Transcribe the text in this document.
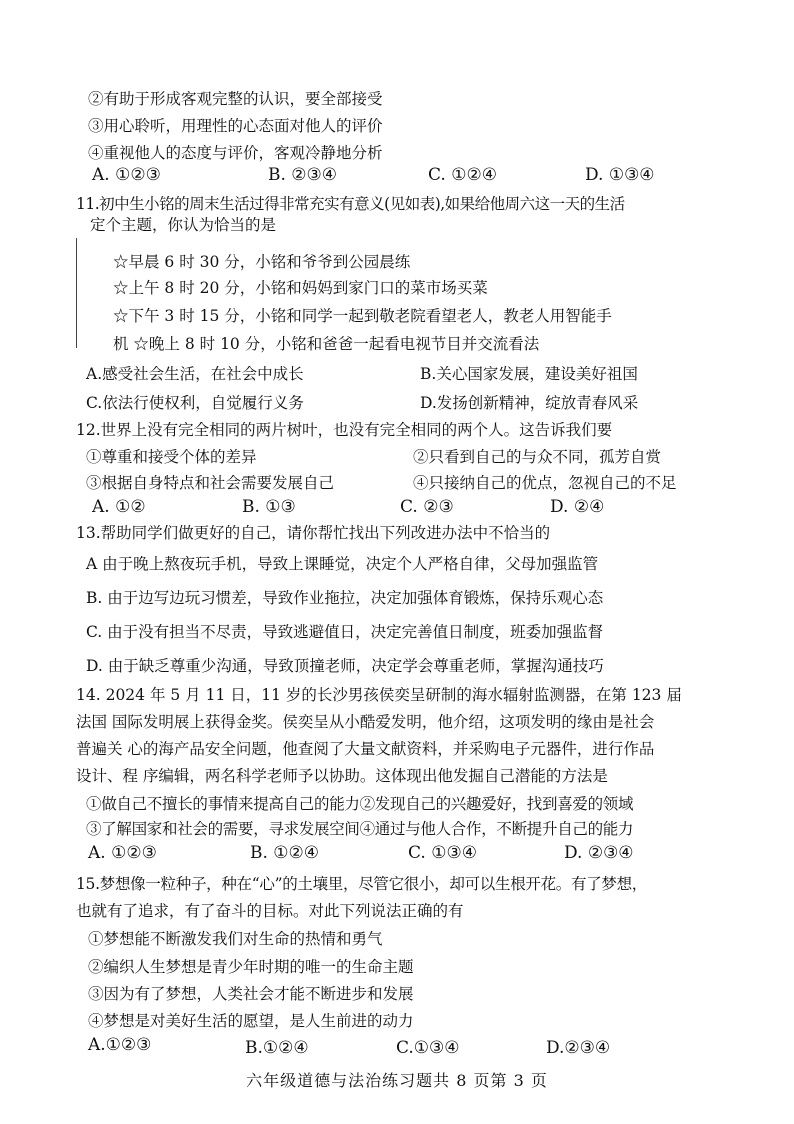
②有助于形成客观完整的认识，要全部接受
③用心聆听，用理性的心态面对他人的评价
④重视他人的态度与评价，客观冷静地分析
A. ①②③	B. ②③④	C. ①②④	D. ①③④
11.初中生小铭的周末生活过得非常充实有意义(见如表),如果给他周六这一天的生活
定个主题，你认为恰当的是
☆早晨 6 时 30 分，小铭和爷爷到公园晨练
☆上午 8 时 20 分，小铭和妈妈到家门口的菜市场买菜
☆下午 3 时 15 分，小铭和同学一起到敬老院看望老人，教老人用智能手
机 ☆晚上 8 时 10 分，小铭和爸爸一起看电视节目并交流看法
A.感受社会生活，在社会中成长	B.关心国家发展，建设美好祖国
C.依法行使权利，自觉履行义务	D.发扬创新精神，绽放青春风采
12.世界上没有完全相同的两片树叶，也没有完全相同的两个人。这告诉我们要
①尊重和接受个体的差异	②只看到自己的与众不同，孤芳自赏
③根据自身特点和社会需要发展自己	④只接纳自己的优点，忽视自己的不足
A. ①②	B. ①③	C. ②③	D. ②④
13.帮助同学们做更好的自己，请你帮忙找出下列改进办法中不恰当的
A 由于晚上熬夜玩手机，导致上课睡觉，决定个人严格自律，父母加强监管
B. 由于边写边玩习惯差，导致作业拖拉，决定加强体育锻炼，保持乐观心态
C. 由于没有担当不尽责，导致逃避值日，决定完善值日制度，班委加强监督
D. 由于缺乏尊重少沟通，导致顶撞老师，决定学会尊重老师，掌握沟通技巧
14. 2024 年 5 月 11 日，11 岁的长沙男孩侯奕呈研制的海水辐射监测器，在第 123 届
法国 国际发明展上获得金奖。侯奕呈从小酷爱发明，他介绍，这项发明的缘由是社会
普遍关 心的海产品安全问题，他查阅了大量文献资料，并采购电子元器件，进行作品
设计、程 序编辑，两名科学老师予以协助。这体现出他发掘自己潜能的方法是
①做自己不擅长的事情来提高自己的能力②发现自己的兴趣爱好，找到喜爱的领域
③了解国家和社会的需要，寻求发展空间④通过与他人合作，不断提升自己的能力
A. ①②③	B. ①②④	C. ①③④	D. ②③④
15.梦想像一粒种子，种在“心”的土壤里，尽管它很小，却可以生根开花。有了梦想，
也就有了追求，有了奋斗的目标。对此下列说法正确的有
①梦想能不断激发我们对生命的热情和勇气
②编织人生梦想是青少年时期的唯一的生命主题
③因为有了梦想，人类社会才能不断进步和发展
④梦想是对美好生活的愿望，是人生前进的动力
A.①②③	B.①②④	C.①③④	D.②③④
六年级道德与法治练习题共 8 页第 3 页
